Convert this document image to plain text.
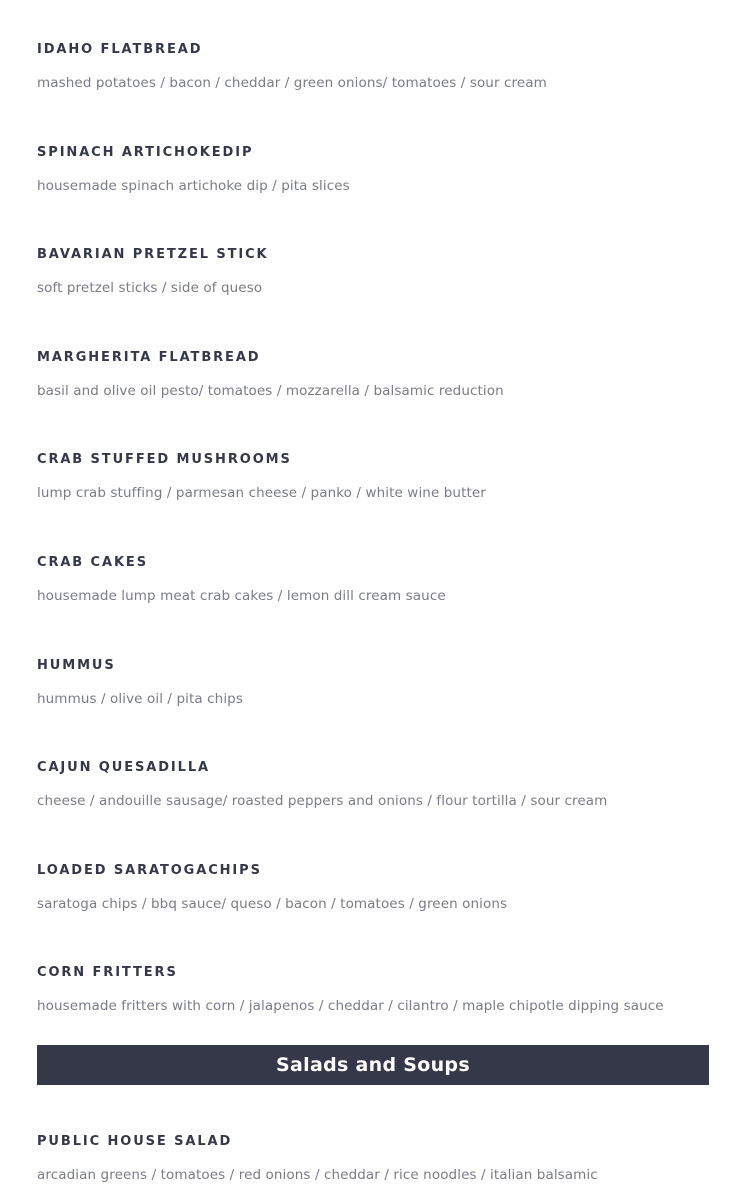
IDAHO FLATBREAD
mashed potatoes / bacon / cheddar / green onions/ tomatoes / sour cream
SPINACH ARTICHOKEDIP
housemade spinach artichoke dip / pita slices
BAVARIAN PRETZEL STICK
soft pretzel sticks / side of queso
MARGHERITA FLATBREAD
basil and olive oil pesto/ tomatoes / mozzarella / balsamic reduction
CRAB STUFFED MUSHROOMS
lump crab stuffing / parmesan cheese / panko / white wine butter
CRAB CAKES
housemade lump meat crab cakes / lemon dill cream sauce
HUMMUS
hummus / olive oil / pita chips
CAJUN QUESADILLA
cheese / andouille sausage/ roasted peppers and onions / flour tortilla / sour cream
LOADED SARATOGACHIPS
saratoga chips / bbq sauce/ queso / bacon / tomatoes / green onions
CORN FRITTERS
housemade fritters with corn / jalapenos / cheddar / cilantro / maple chipotle dipping sauce
Salads and Soups
PUBLIC HOUSE SALAD
arcadian greens / tomatoes / red onions / cheddar / rice noodles / italian balsamic
